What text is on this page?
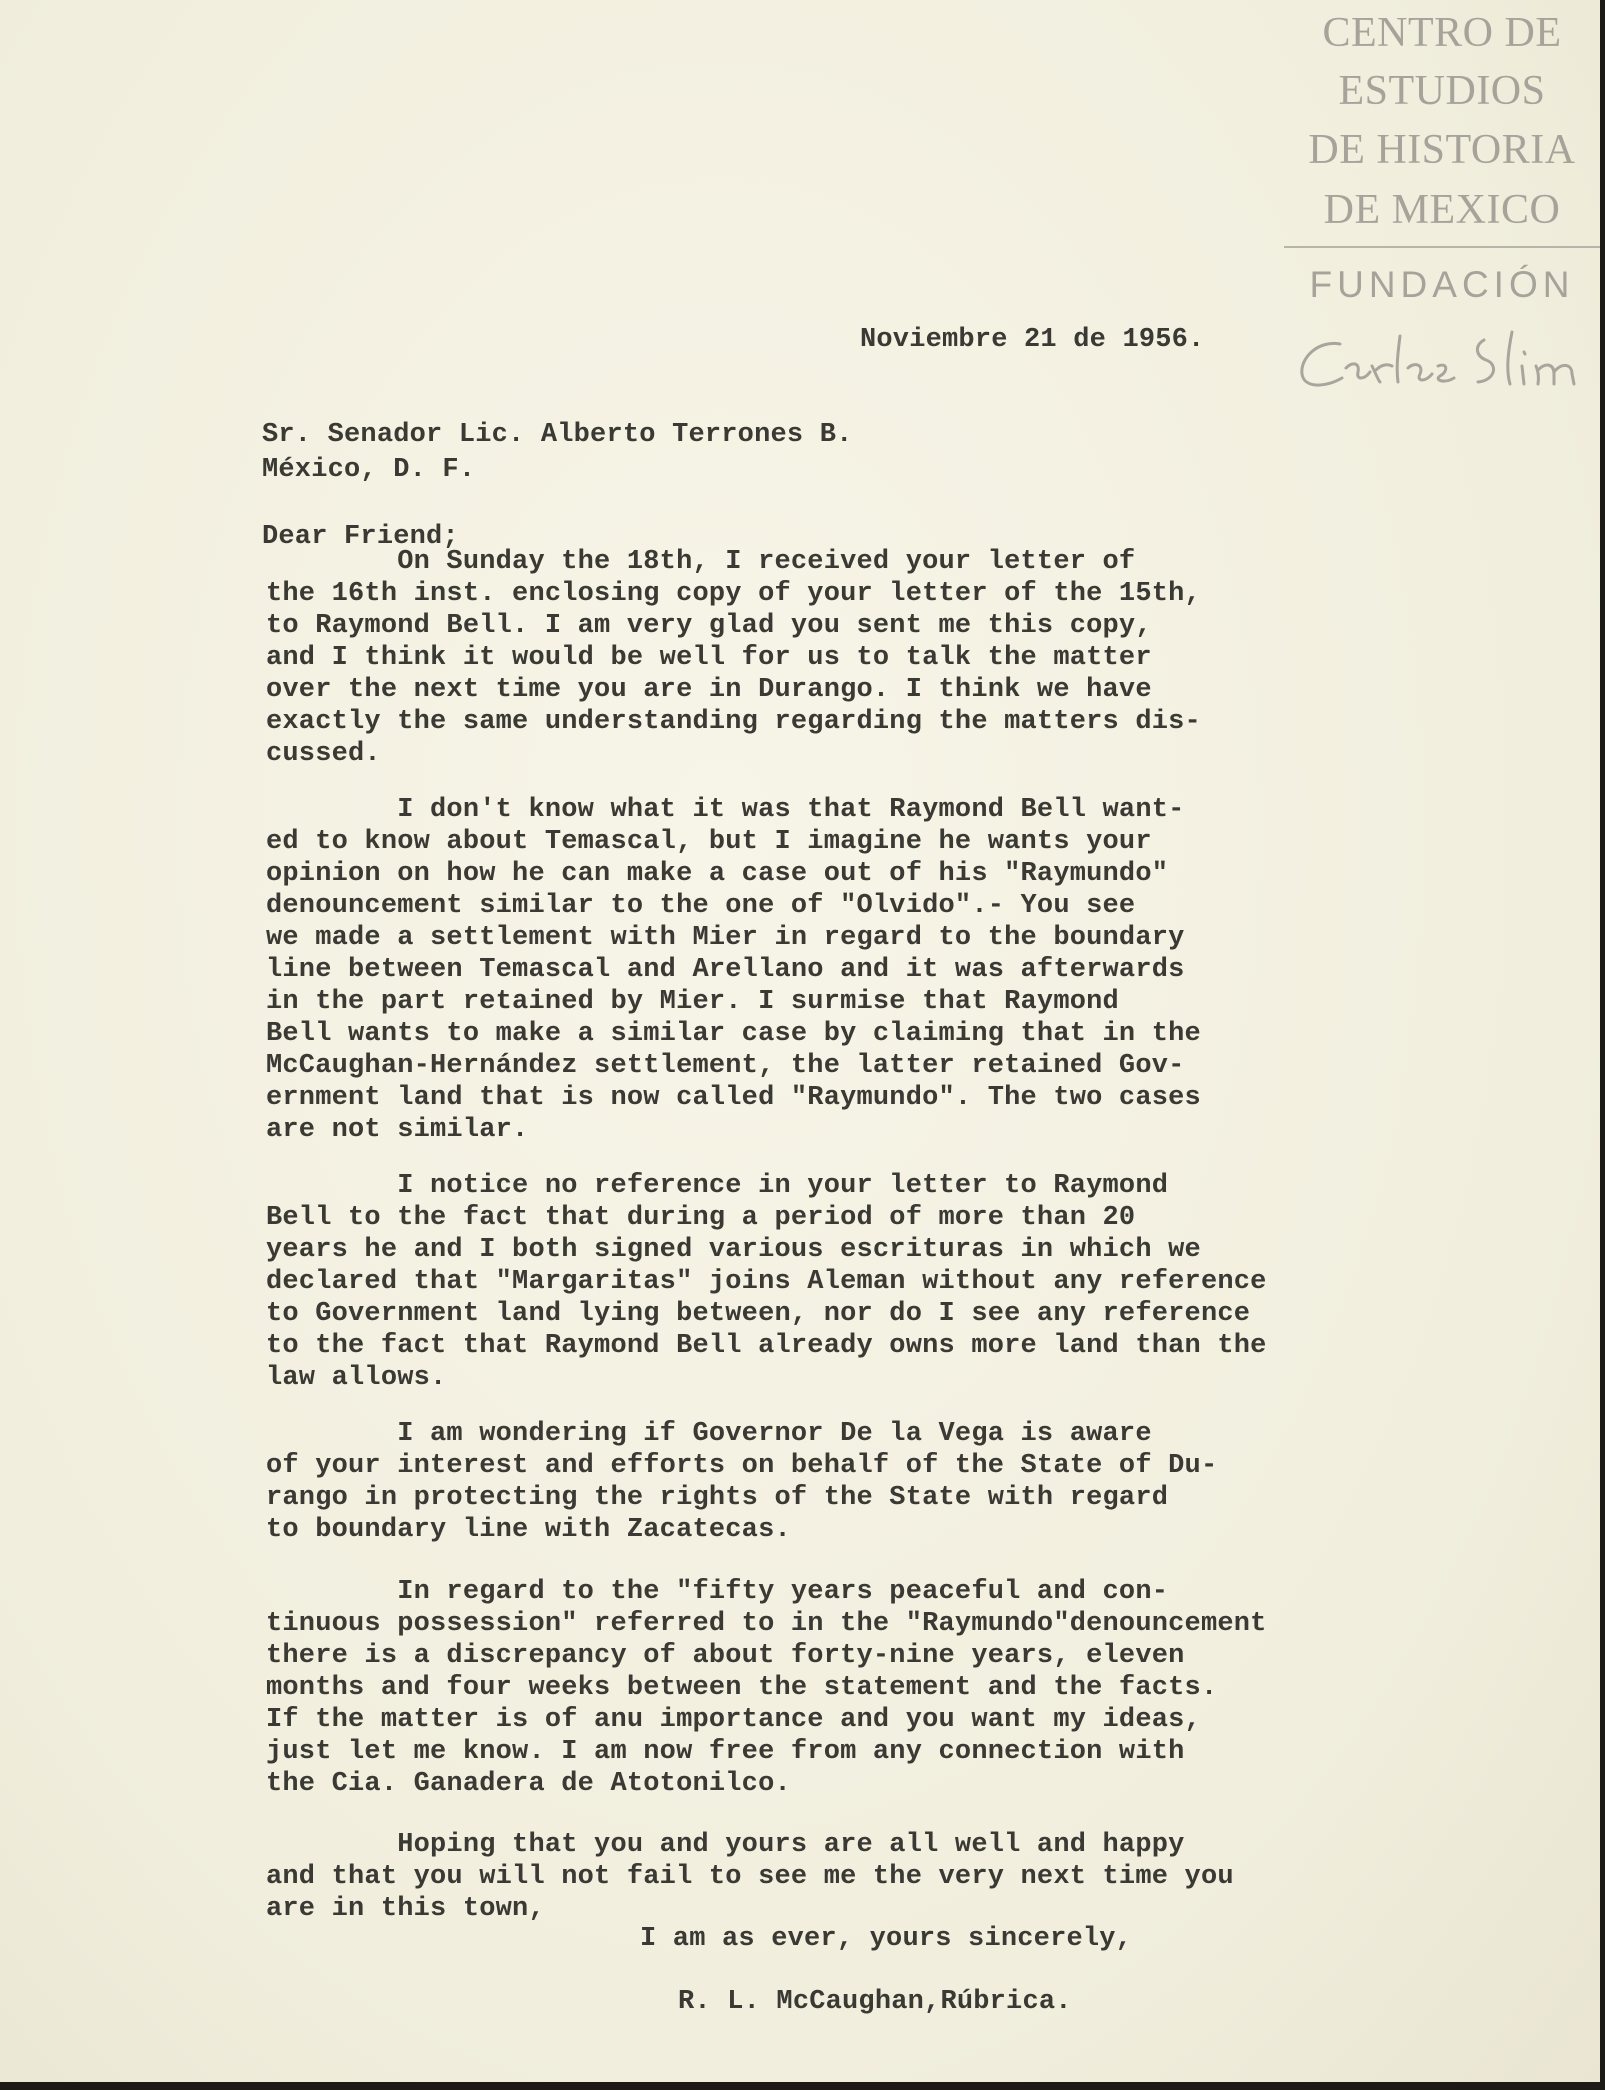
CENTRO DE
ESTUDIOS
DE HISTORIA
DE MEXICO
FUNDACIÓN
Noviembre 21 de 1956.
Sr. Senador Lic. Alberto Terrones B.
México, D. F.
Dear Friend;
On Sunday the 18th, I received your letter of
the 16th inst. enclosing copy of your letter of the 15th,
to Raymond Bell. I am very glad you sent me this copy,
and I think it would be well for us to talk the matter
over the next time you are in Durango. I think we have
exactly the same understanding regarding the matters dis-
cussed.
I don't know what it was that Raymond Bell want-
ed to know about Temascal, but I imagine he wants your
opinion on how he can make a case out of his "Raymundo"
denouncement similar to the one of "Olvido".- You see
we made a settlement with Mier in regard to the boundary
line between Temascal and Arellano and it was afterwards
in the part retained by Mier. I surmise that Raymond
Bell wants to make a similar case by claiming that in the
McCaughan-Hernández settlement, the latter retained Gov-
ernment land that is now called "Raymundo". The two cases
are not similar.
I notice no reference in your letter to Raymond
Bell to the fact that during a period of more than 20
years he and I both signed various escrituras in which we
declared that "Margaritas" joins Aleman without any reference
to Government land lying between, nor do I see any reference
to the fact that Raymond Bell already owns more land than the
law allows.
I am wondering if Governor De la Vega is aware
of your interest and efforts on behalf of the State of Du-
rango in protecting the rights of the State with regard
to boundary line with Zacatecas.
In regard to the "fifty years peaceful and con-
tinuous possession" referred to in the "Raymundo"denouncement
there is a discrepancy of about forty-nine years, eleven
months and four weeks between the statement and the facts.
If the matter is of anu importance and you want my ideas,
just let me know. I am now free from any connection with
the Cia. Ganadera de Atotonilco.
Hoping that you and yours are all well and happy
and that you will not fail to see me the very next time you
are in this town,
I am as ever, yours sincerely,
R. L. McCaughan,Rúbrica.
